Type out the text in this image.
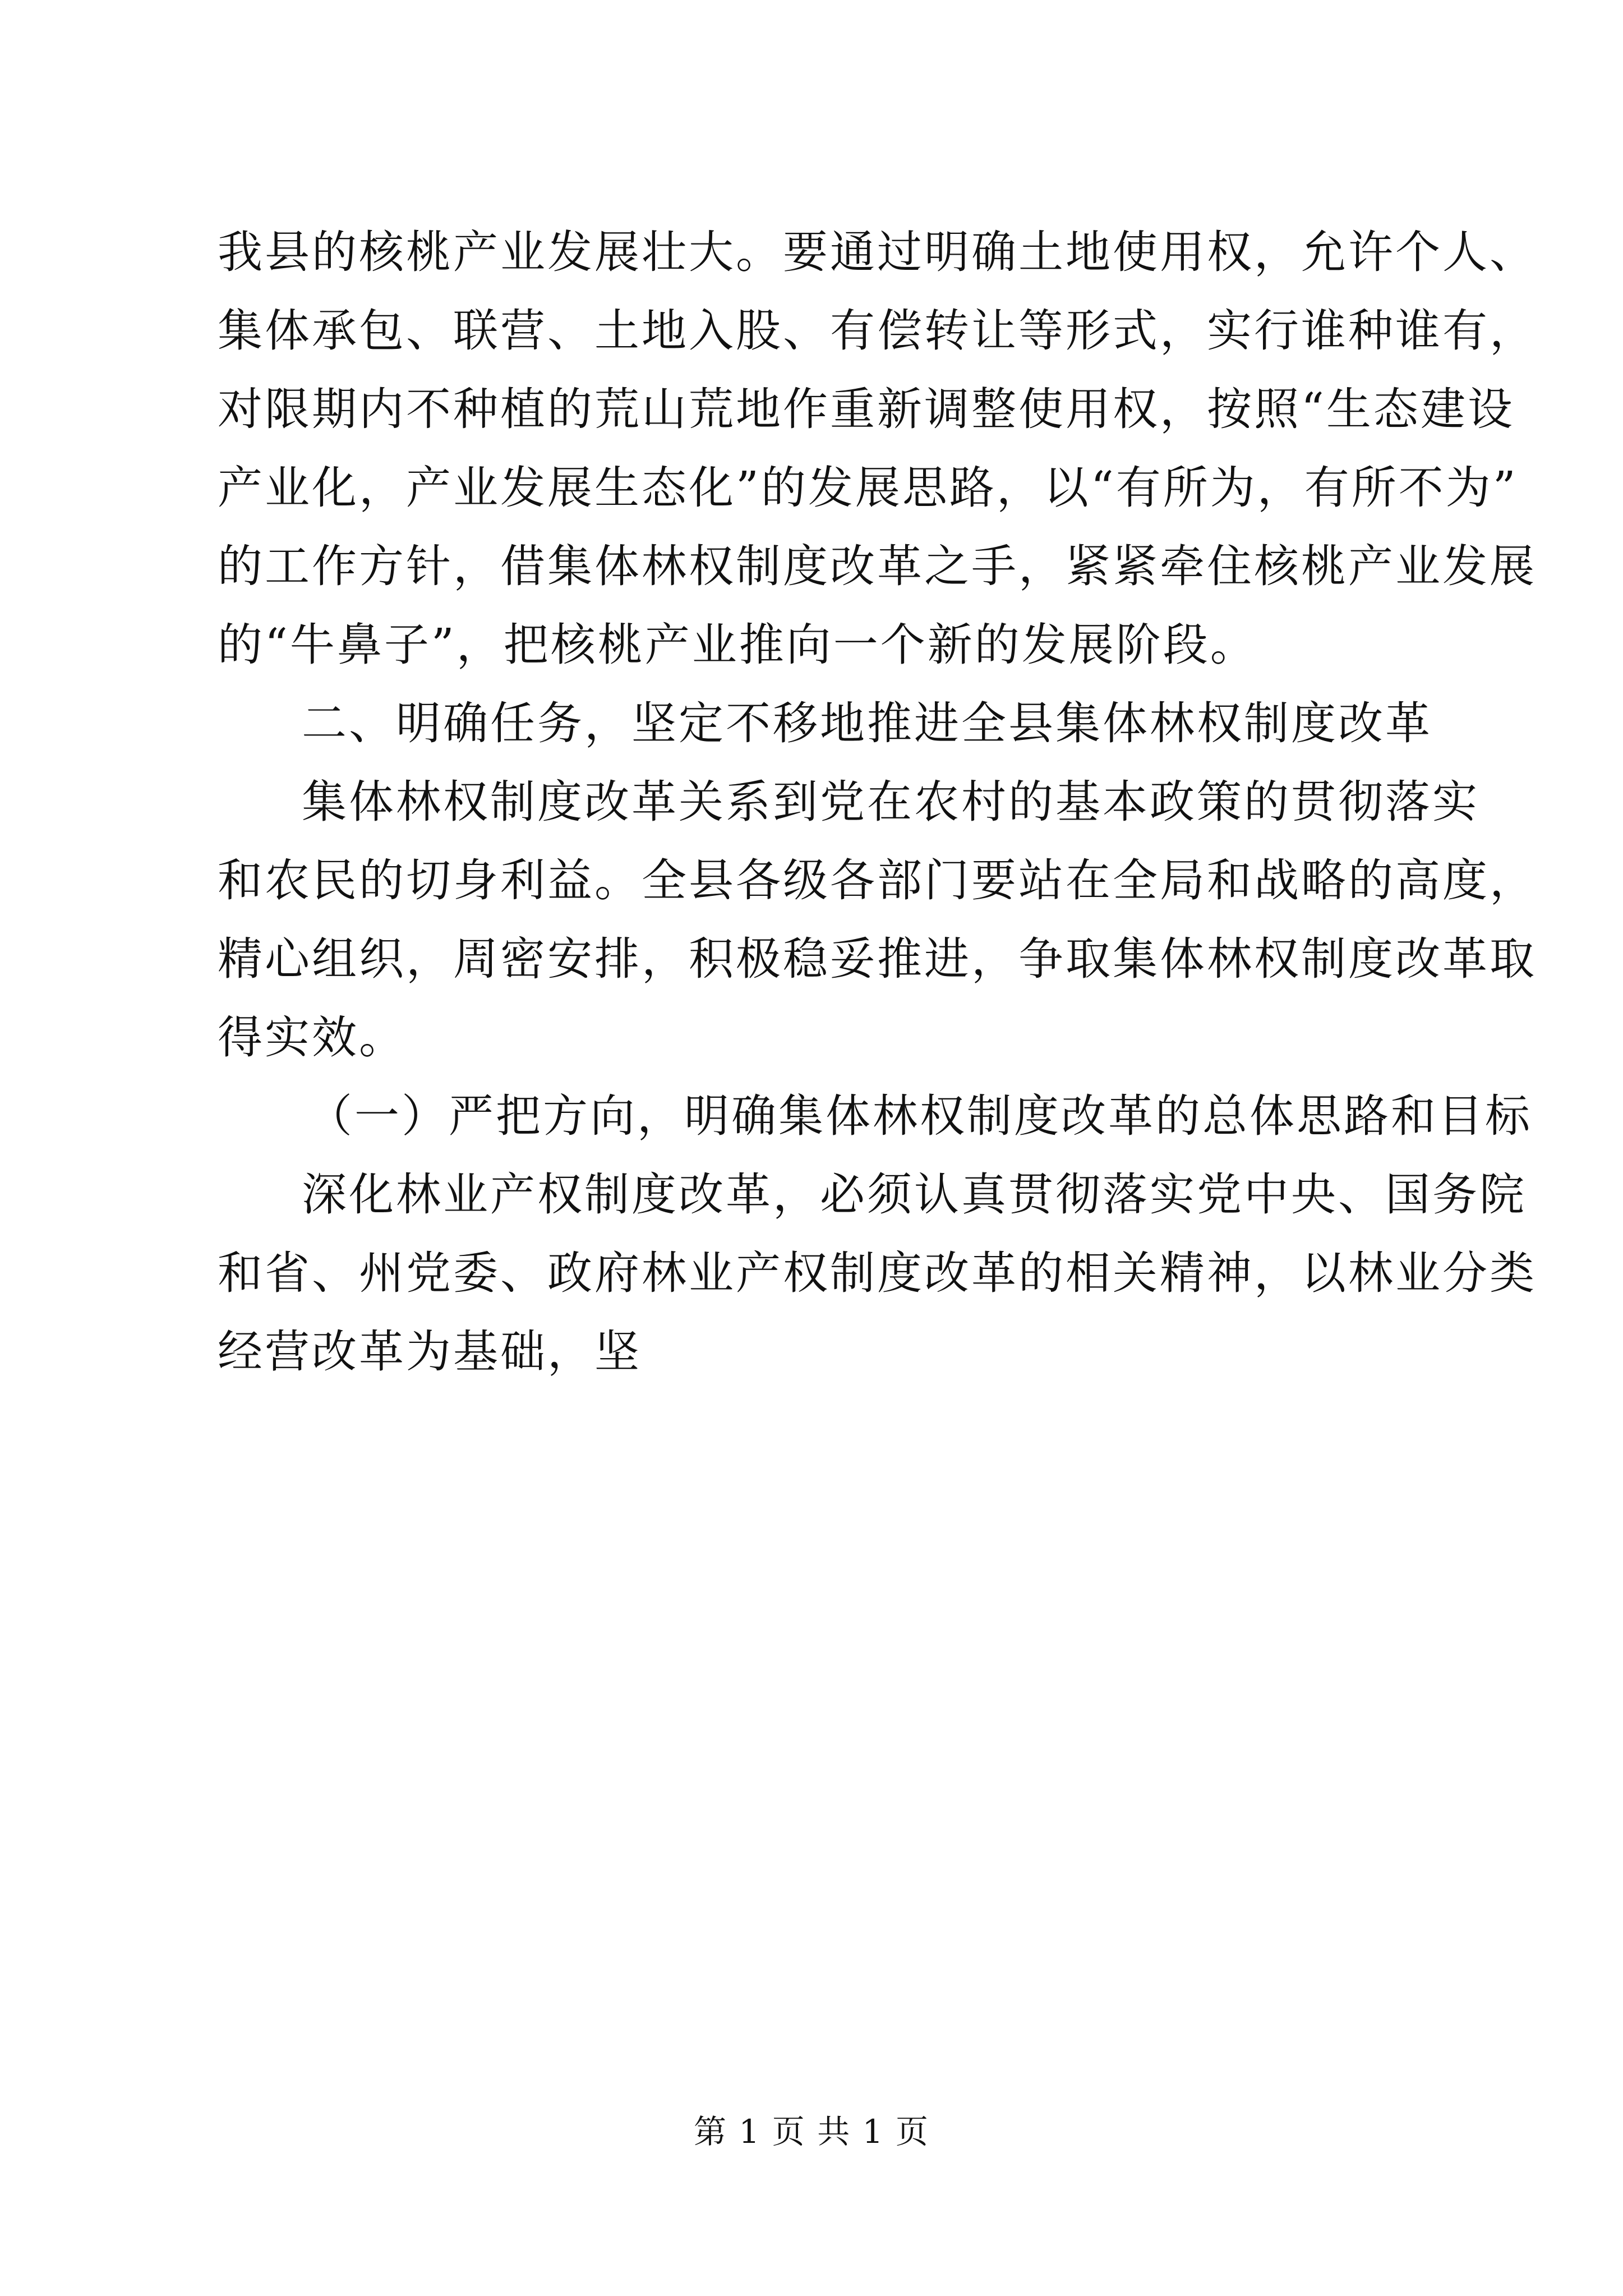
我县的核桃产业发展壮大。要通过明确土地使用权，允许个人、
集体承包、联营、土地入股、有偿转让等形式，实行谁种谁有，
对限期内不种植的荒山荒地作重新调整使用权，按照“生态建设
产业化，产业发展生态化”的发展思路，以“有所为，有所不为”
的工作方针，借集体林权制度改革之手，紧紧牵住核桃产业发展
的“牛鼻子”，把核桃产业推向一个新的发展阶段。
二、明确任务，坚定不移地推进全县集体林权制度改革
集体林权制度改革关系到党在农村的基本政策的贯彻落实
和农民的切身利益。全县各级各部门要站在全局和战略的高度，
精心组织，周密安排，积极稳妥推进，争取集体林权制度改革取
得实效。
（一）严把方向，明确集体林权制度改革的总体思路和目标
深化林业产权制度改革，必须认真贯彻落实党中央、国务院
和省、州党委、政府林业产权制度改革的相关精神，以林业分类
经营改革为基础，坚
第 1 页 共 1 页
